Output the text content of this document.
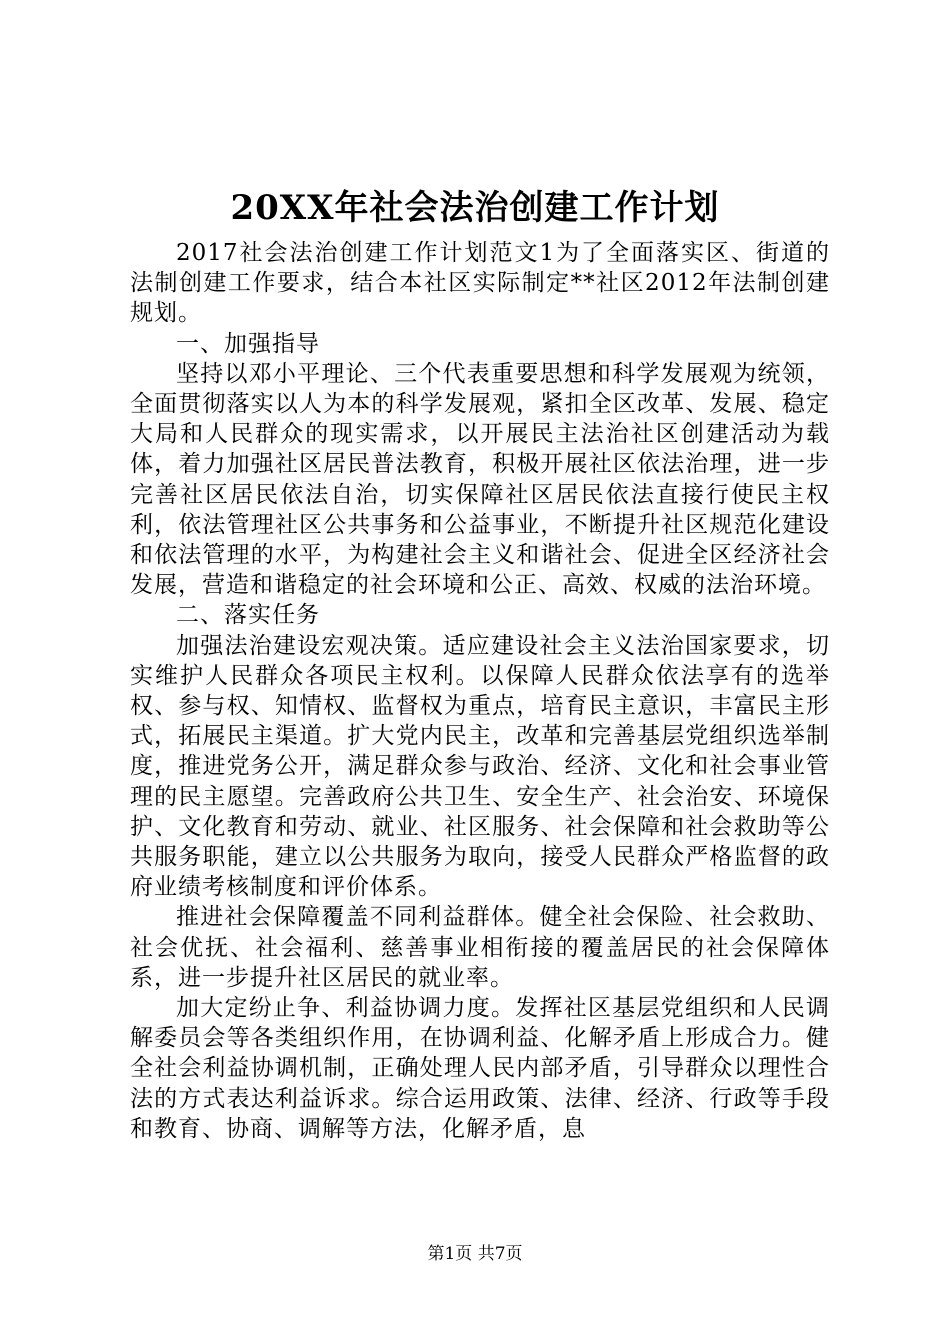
20XX年社会法治创建工作计划

2017社会法治创建工作计划范文1为了全面落实区、街道的法制创建工作要求，结合本社区实际制定**社区2012年法制创建规划。

一、加强指导

坚持以邓小平理论、三个代表重要思想和科学发展观为统领，全面贯彻落实以人为本的科学发展观，紧扣全区改革、发展、稳定大局和人民群众的现实需求，以开展民主法治社区创建活动为载体，着力加强社区居民普法教育，积极开展社区依法治理，进一步完善社区居民依法自治，切实保障社区居民依法直接行使民主权利，依法管理社区公共事务和公益事业，不断提升社区规范化建设和依法管理的水平，为构建社会主义和谐社会、促进全区经济社会发展，营造和谐稳定的社会环境和公正、高效、权威的法治环境。

二、落实任务

加强法治建设宏观决策。适应建设社会主义法治国家要求，切实维护人民群众各项民主权利。以保障人民群众依法享有的选举权、参与权、知情权、监督权为重点，培育民主意识，丰富民主形式，拓展民主渠道。扩大党内民主，改革和完善基层党组织选举制度，推进党务公开，满足群众参与政治、经济、文化和社会事业管理的民主愿望。完善政府公共卫生、安全生产、社会治安、环境保护、文化教育和劳动、就业、社区服务、社会保障和社会救助等公共服务职能，建立以公共服务为取向，接受人民群众严格监督的政府业绩考核制度和评价体系。

推进社会保障覆盖不同利益群体。健全社会保险、社会救助、社会优抚、社会福利、慈善事业相衔接的覆盖居民的社会保障体系，进一步提升社区居民的就业率。

加大定纷止争、利益协调力度。发挥社区基层党组织和人民调解委员会等各类组织作用，在协调利益、化解矛盾上形成合力。健全社会利益协调机制，正确处理人民内部矛盾，引导群众以理性合法的方式表达利益诉求。综合运用政策、法律、经济、行政等手段和教育、协商、调解等方法，化解矛盾，息

第1页 共7页
